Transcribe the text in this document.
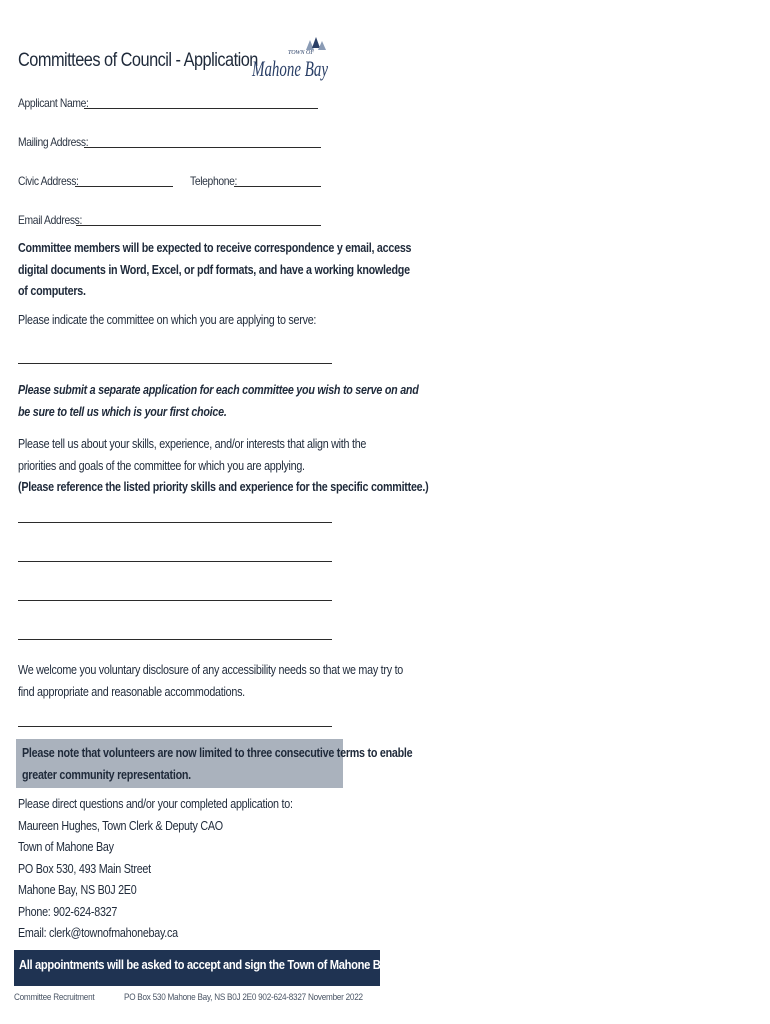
Committees of Council - Application	TOWN OF
Mahone Bay
Applicant Name:
Mailing Address:
Civic Address:	Telephone:
Email Address:
Committee members will be expected to receive correspondence y email, access
digital documents in Word, Excel, or pdf formats, and have a working knowledge
of computers.
Please indicate the committee on which you are applying to serve:
Please submit a separate application for each committee you wish to serve on and
be sure to tell us which is your first choice.
Please tell us about your skills, experience, and/or interests that align with the
priorities and goals of the committee for which you are applying.
(Please reference the listed priority skills and experience for the specific committee.)
We welcome you voluntary disclosure of any accessibility needs so that we may try to
find appropriate and reasonable accommodations.
Please note that volunteers are now limited to three consecutive terms to enable
greater community representation.
Please direct questions and/or your completed application to:
Maureen Hughes, Town Clerk & Deputy CAO
Town of Mahone Bay
PO Box 530, 493 Main Street
Mahone Bay, NS B0J 2E0
Phone: 902-624-8327
Email: clerk@townofmahonebay.ca
All appointments will be asked to accept and sign the Town of Mahone Bay Code of Conduct.
Committee Recruitment	PO Box 530 Mahone Bay, NS B0J 2E0 902-624-8327 November 2022
